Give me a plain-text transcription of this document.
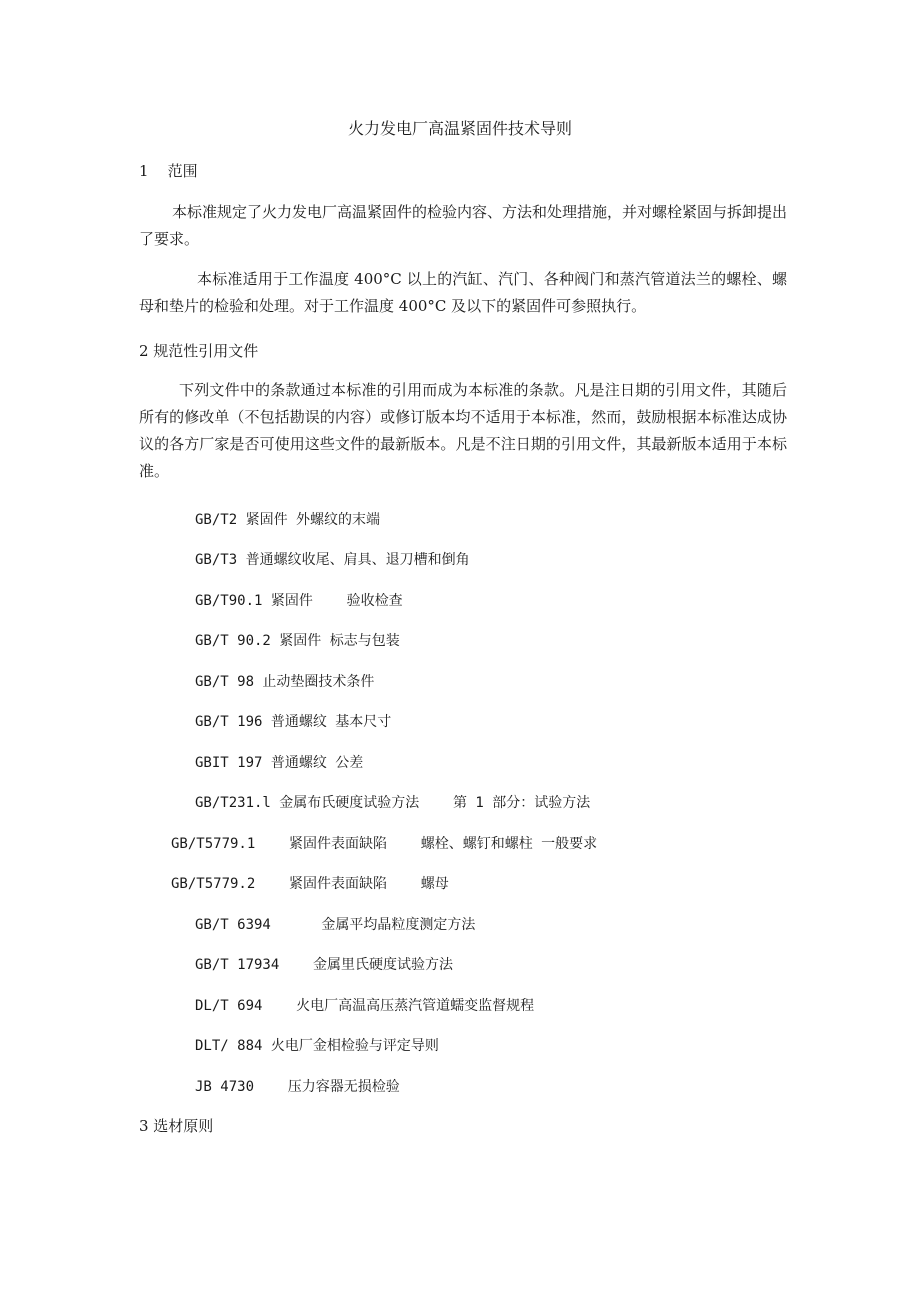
火力发电厂高温紧固件技术导则
1    范围
本标准规定了火力发电厂高温紧固件的检验内容、方法和处理措施，并对螺栓紧固与拆卸提出了要求。
本标准适用于工作温度 400°C 以上的汽缸、汽门、各种阀门和蒸汽管道法兰的螺栓、螺母和垫片的检验和处理。对于工作温度 400°C 及以下的紧固件可参照执行。
2 规范性引用文件
下列文件中的条款通过本标准的引用而成为本标准的条款。凡是注日期的引用文件，其随后所有的修改单（不包括勘误的内容）或修订版本均不适用于本标准，然而，鼓励根据本标准达成协议的各方厂家是否可使用这些文件的最新版本。凡是不注日期的引用文件，其最新版本适用于本标准。
GB/T2 紧固件 外螺纹的末端
GB/T3 普通螺纹收尾、肩具、退刀槽和倒角
GB/T90.1 紧固件    验收检查
GB/T 90.2 紧固件 标志与包装
GB/T 98 止动垫圈技术条件
GB/T 196 普通螺纹 基本尺寸
GBIT 197 普通螺纹 公差
GB/T231.l 金属布氏硬度试验方法    第 1 部分：试验方法
GB/T5779.1    紧固件表面缺陷    螺栓、螺钉和螺柱 一般要求
GB/T5779.2    紧固件表面缺陷    螺母
GB/T 6394      金属平均晶粒度测定方法
GB/T 17934    金属里氏硬度试验方法
DL/T 694    火电厂高温高压蒸汽管道蠕变监督规程
DLT/ 884 火电厂金相检验与评定导则
JB 4730    压力容器无损检验
3 选材原则
